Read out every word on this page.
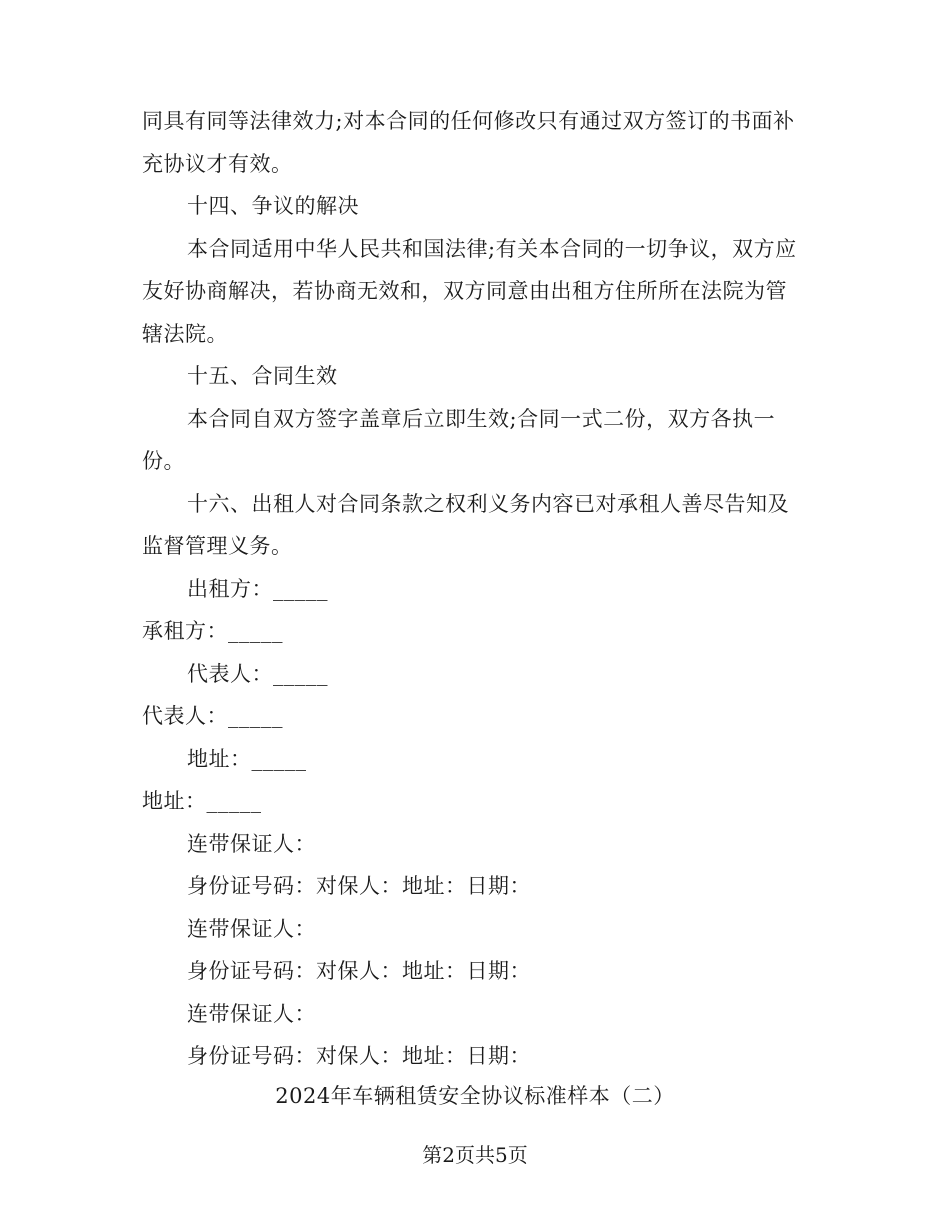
同具有同等法律效力;对本合同的任何修改只有通过双方签订的书面补
充协议才有效。
十四、争议的解决
本合同适用中华人民共和国法律;有关本合同的一切争议，双方应
友好协商解决，若协商无效和，双方同意由出租方住所所在法院为管
辖法院。
十五、合同生效
本合同自双方签字盖章后立即生效;合同一式二份，双方各执一
份。
十六、出租人对合同条款之权利义务内容已对承租人善尽告知及
监督管理义务。
出租方：_____
承租方：_____
代表人：_____
代表人：_____
地址：_____
地址：_____
连带保证人：
身份证号码：对保人：地址：日期：
连带保证人：
身份证号码：对保人：地址：日期：
连带保证人：
身份证号码：对保人：地址：日期：
2024年车辆租赁安全协议标准样本（二）
第2页共5页
